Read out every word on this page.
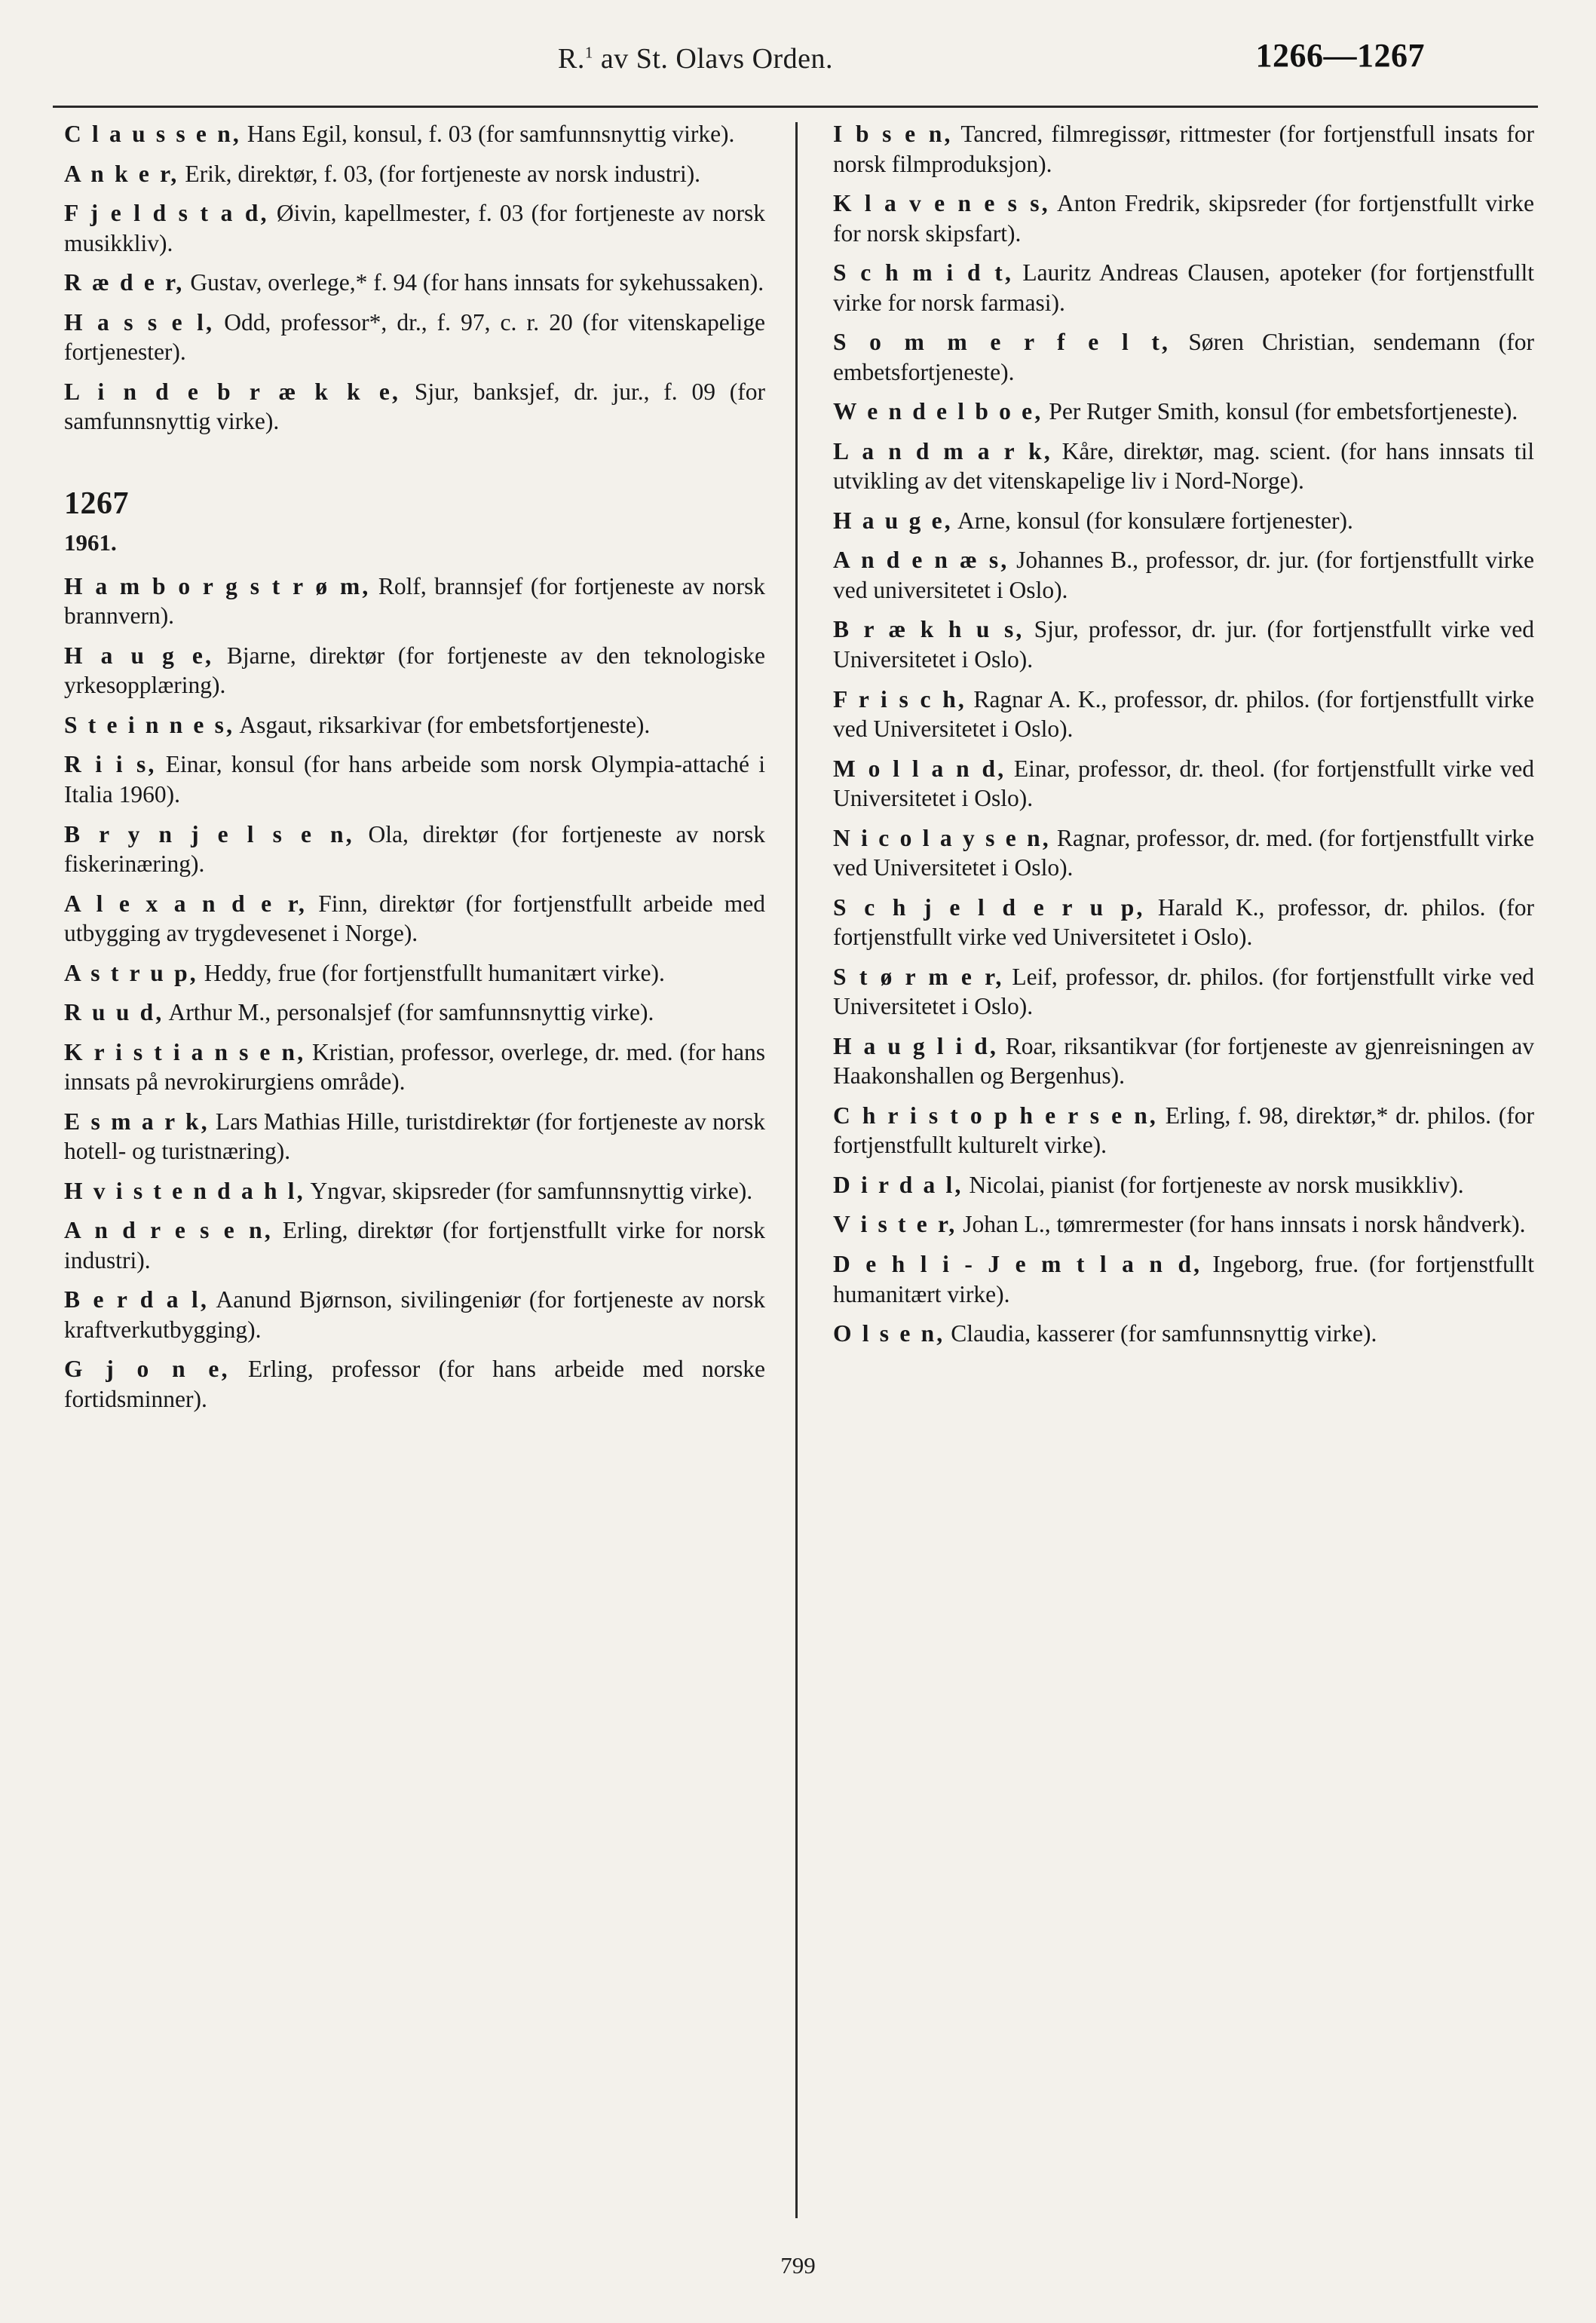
R.$^1$ av St. Olavs Orden.	1266—1267

C l a u s s e n, Hans Egil, konsul, f. 03 (for samfunnsnyttig virke).

A n k e r, Erik, direktør, f. 03, (for fortjeneste av norsk industri).

F j e l d s t a d, Øivin, kapellmester, f. 03 (for fortjeneste av norsk musikkliv).

R æ d e r, Gustav, overlege,* f. 94 (for hans innsats for sykehussaken).

H a s s e l, Odd, professor*, dr., f. 97, c. r. 20 (for vitenskapelige fortjenester).

L i n d e b r æ k k e, Sjur, banksjef, dr. jur., f. 09 (for samfunnsnyttig virke).

1267
1961.

H a m b o r g s t r ø m, Rolf, brannsjef (for fortjeneste av norsk brannvern).

H a u g e, Bjarne, direktør (for fortjeneste av den teknologiske yrkesopplæring).

S t e i n n e s, Asgaut, riksarkivar (for embetsfortjeneste).

R i i s, Einar, konsul (for hans arbeide som norsk Olympia-attaché i Italia 1960).

B r y n j e l s e n, Ola, direktør (for fortjeneste av norsk fiskerinæring).

A l e x a n d e r, Finn, direktør (for fortjenstfullt arbeide med utbygging av trygdevesenet i Norge).

A s t r u p, Heddy, frue (for fortjenstfullt humanitært virke).

R u u d, Arthur M., personalsjef (for samfunnsnyttig virke).

K r i s t i a n s e n, Kristian, professor, overlege, dr. med. (for hans innsats på nevrokirurgiens område).

E s m a r k, Lars Mathias Hille, turistdirektør (for fortjeneste av norsk hotell- og turistnæring).

H v i s t e n d a h l, Yngvar, skipsreder (for samfunnsnyttig virke).

A n d r e s e n, Erling, direktør (for fortjenstfullt virke for norsk industri).

B e r d a l, Aanund Bjørnson, sivilingeniør (for fortjeneste av norsk kraftverkutbygging).

G j o n e, Erling, professor (for hans arbeide med norske fortidsminner).

I b s e n, Tancred, filmregissør, rittmester (for fortjenstfull insats for norsk filmproduksjon).

K l a v e n e s s, Anton Fredrik, skipsreder (for fortjenstfullt virke for norsk skipsfart).

S c h m i d t, Lauritz Andreas Clausen, apoteker (for fortjenstfullt virke for norsk farmasi).

S o m m e r f e l t, Søren Christian, sendemann (for embetsfortjeneste).

W e n d e l b o e, Per Rutger Smith, konsul (for embetsfortjeneste).

L a n d m a r k, Kåre, direktør, mag. scient. (for hans innsats til utvikling av det vitenskapelige liv i Nord-Norge).

H a u g e, Arne, konsul (for konsulære fortjenester).

A n d e n æ s, Johannes B., professor, dr. jur. (for fortjenstfullt virke ved universitetet i Oslo).

B r æ k h u s, Sjur, professor, dr. jur. (for fortjenstfullt virke ved Universitetet i Oslo).

F r i s c h, Ragnar A. K., professor, dr. philos. (for fortjenstfullt virke ved Universitetet i Oslo).

M o l l a n d, Einar, professor, dr. theol. (for fortjenstfullt virke ved Universitetet i Oslo).

N i c o l a y s e n, Ragnar, professor, dr. med. (for fortjenstfullt virke ved Universitetet i Oslo).

S c h j e l d e r u p, Harald K., professor, dr. philos. (for fortjenstfullt virke ved Universitetet i Oslo).

S t ø r m e r, Leif, professor, dr. philos. (for fortjenstfullt virke ved Universitetet i Oslo).

H a u g l i d, Roar, riksantikvar (for fortjeneste av gjenreisningen av Haakonshallen og Bergenhus).

C h r i s t o p h e r s e n, Erling, f. 98, direktør,* dr. philos. (for fortjenstfullt kulturelt virke).

D i r d a l, Nicolai, pianist (for fortjeneste av norsk musikkliv).

V i s t e r, Johan L., tømrermester (for hans innsats i norsk håndverk).

D e h l i - J e m t l a n d, Ingeborg, frue. (for fortjenstfullt humanitært virke).

O l s e n, Claudia, kasserer (for samfunnsnyttig virke).

799
